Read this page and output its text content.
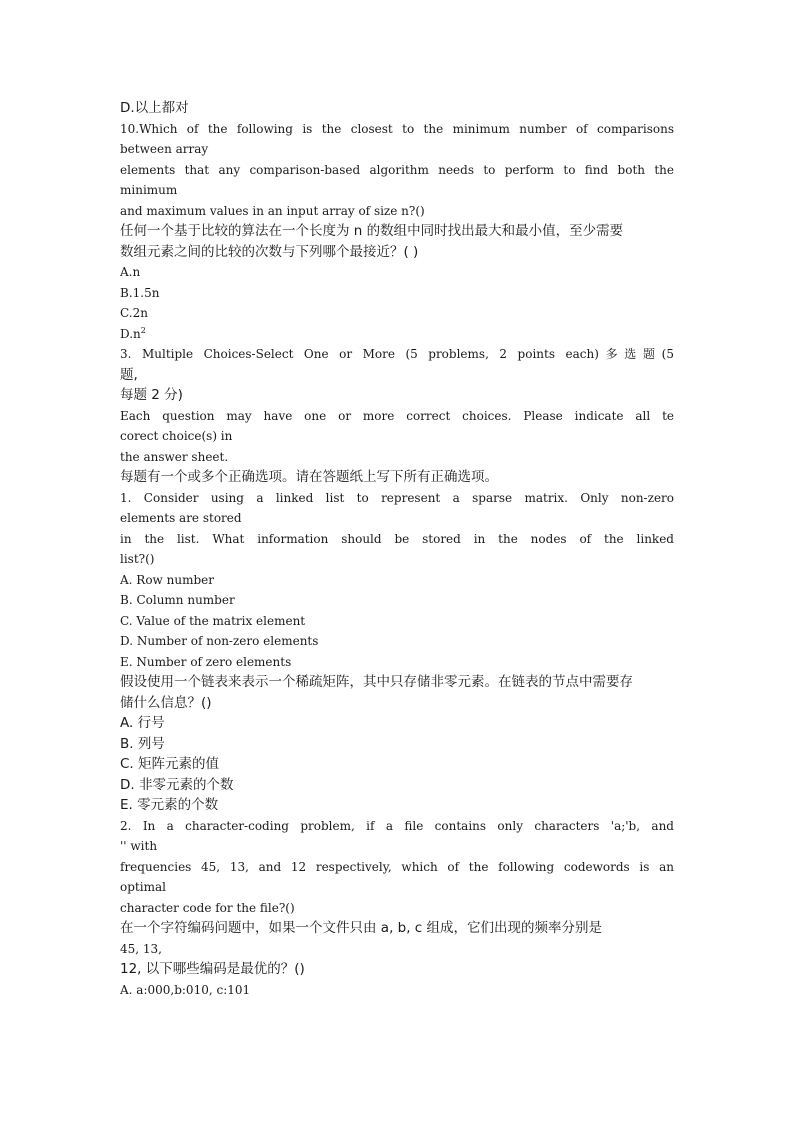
D.以上都对
10.Which of the following is the closest to the minimum number of comparisons
between array
elements that any comparison-based algorithm needs to perform to find both the
minimum
and maximum values in an input array of size n?()
任何一个基于比较的算法在一个长度为 n 的数组中同时找出最大和最小值，至少需要
数组元素之间的比较的次数与下列哪个最接近？( )
A.n
B.1.5n
C.2n
$D.n^2$
3. Multiple Choices-Select One or More (5 problems, 2 points each)多选题(5
题,
每题 2 分)
Each question may have one or more correct choices. Please indicate all te
corect choice(s) in
the answer sheet.
每题有一个或多个正确选项。请在答题纸上写下所有正确选项。
1. Consider using a linked list to represent a sparse matrix. Only non-zero
elements are stored
in the list. What information should be stored in the nodes of the linked
list?()
A. Row number
B. Column number
C. Value of the matrix element
D. Number of non-zero elements
E. Number of zero elements
假设使用一个链表来表示一个稀疏矩阵，其中只存储非零元素。在链表的节点中需要存
储什么信息？()
A. 行号
B. 列号
C. 矩阵元素的值
D. 非零元素的个数
E. 零元素的个数
2. In a character-coding problem, if a file contains only characters 'a;'b, and
'' with
frequencies 45, 13, and 12 respectively, which of the following codewords is an
optimal
character code for the file?()
在一个字符编码问题中，如果一个文件只由 a, b, c 组成，它们出现的频率分别是
45, 13,
12, 以下哪些编码是最优的？()
A. a:000,b:010, c:101
